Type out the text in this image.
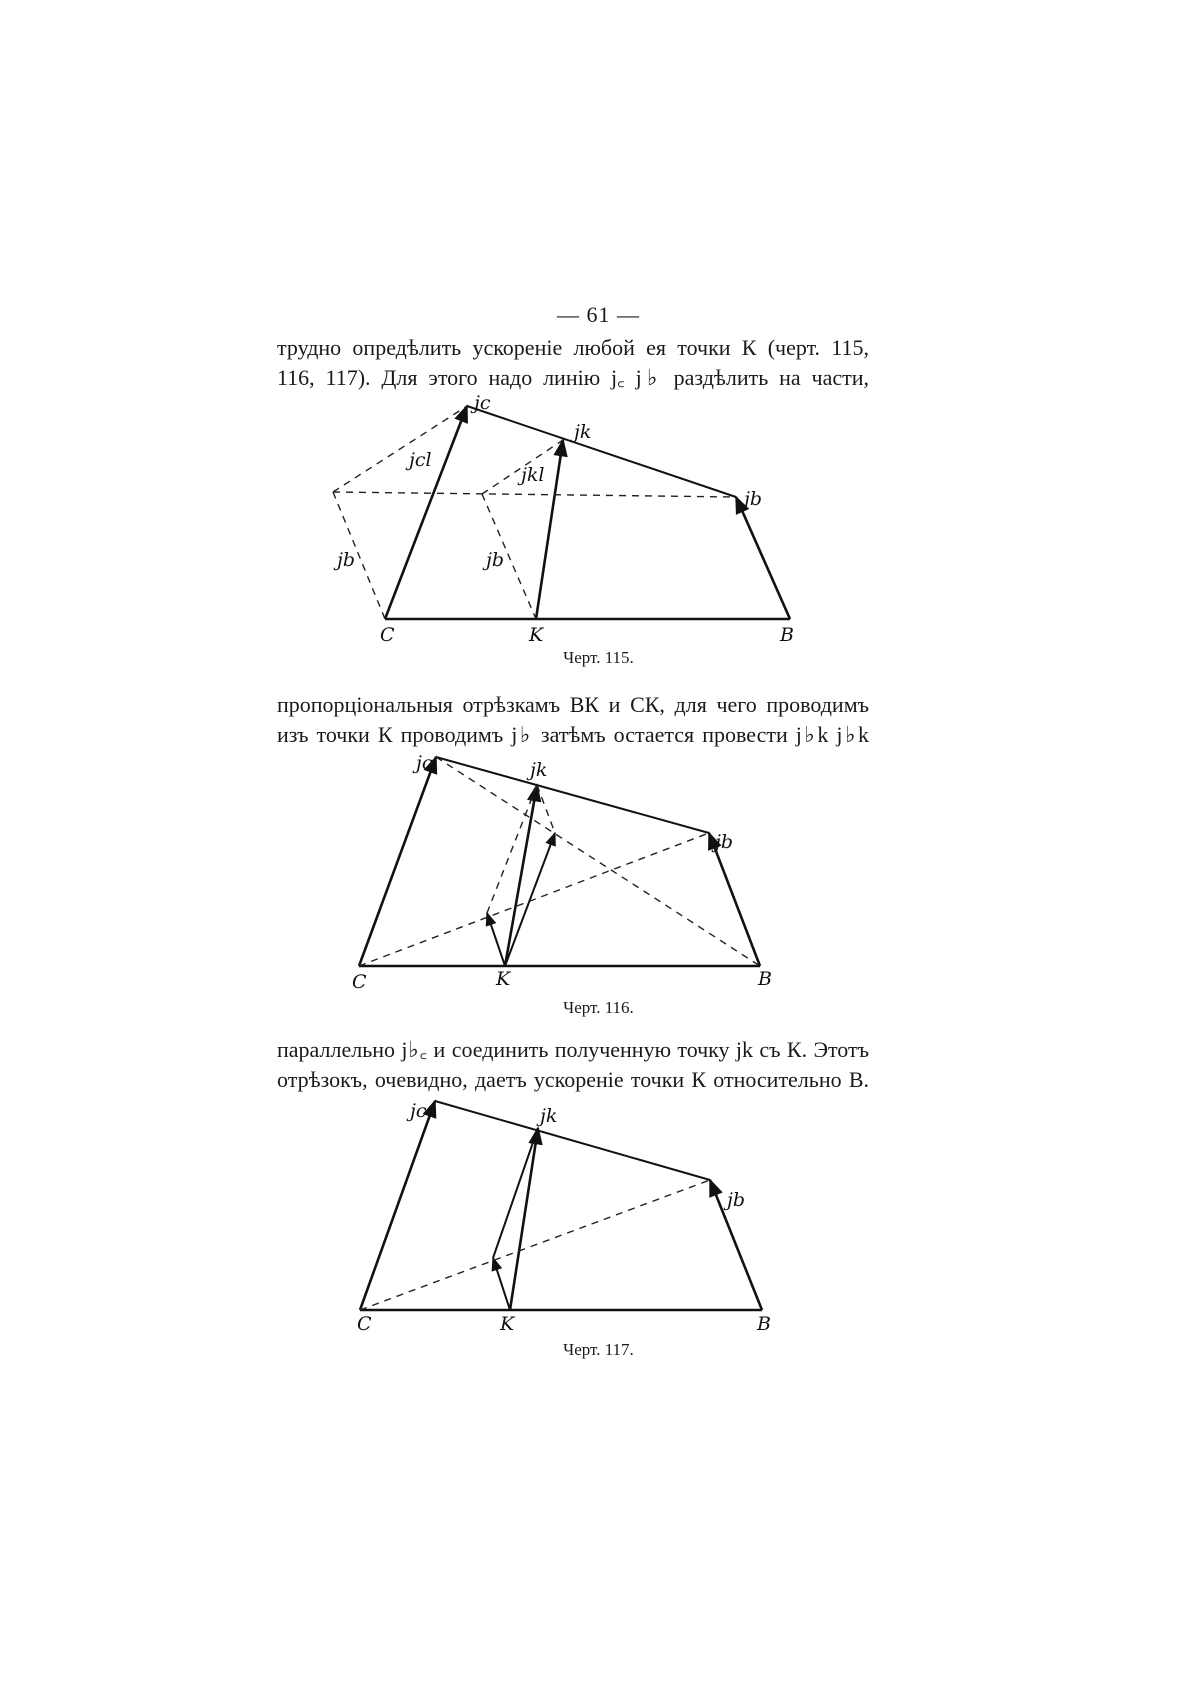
— 61 —
трудно опредѣлить ускореніе любой ея точки К (черт. 115,
116, 117). Для этого надо линію j꜀ j♭ раздѣлить на части,
jc
jk
jb
jcl
jkl
jb	jb
C	K	B
Черт. 115.
пропорціональныя отрѣзкамъ ВК и СК, для чего проводимъ
изъ точки К проводимъ j♭ затѣмъ остается провести j♭k j♭k
jc	jk
jb
C	K	B
Черт. 116.
параллельно j♭꜀ и соединить полученную точку jk съ К. Этотъ
отрѣзокъ, очевидно, даетъ ускореніе точки К относительно В.
jc	jk
jb
C	K	B
Черт. 117.
